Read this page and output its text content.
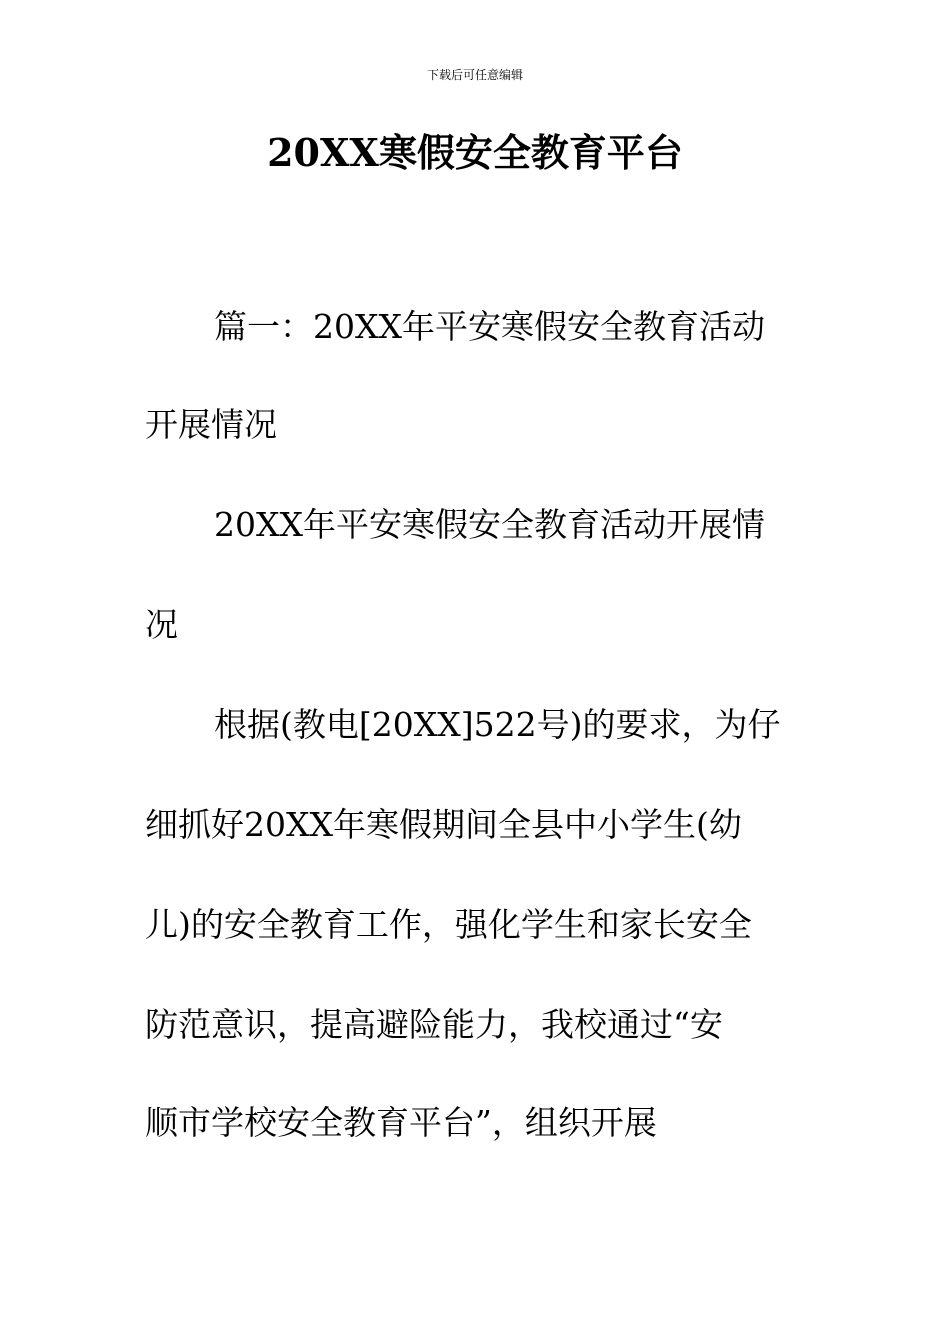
下载后可任意编辑
20XX寒假安全教育平台
篇一：20XX年平安寒假安全教育活动
开展情况
20XX年平安寒假安全教育活动开展情
况
根据(教电[20XX]522号)的要求，为仔
细抓好20XX年寒假期间全县中小学生(幼
儿)的安全教育工作，强化学生和家长安全
防范意识，提高避险能力，我校通过“安
顺市学校安全教育平台”，组织开展
